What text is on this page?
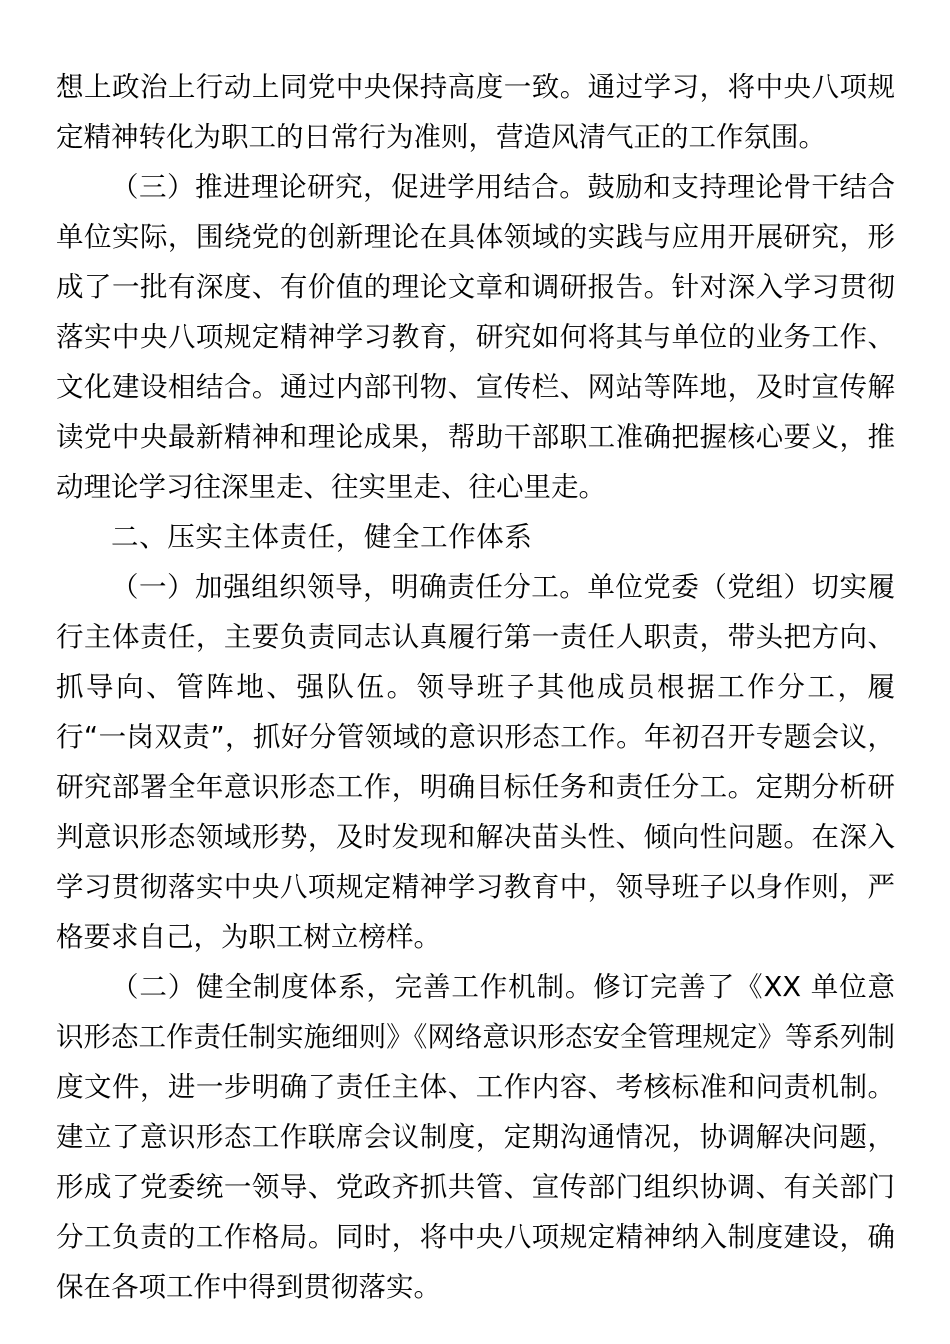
想上政治上行动上同党中央保持高度一致。通过学习，将中央八项规定精神转化为职工的日常行为准则，营造风清气正的工作氛围。

（三）推进理论研究，促进学用结合。鼓励和支持理论骨干结合单位实际，围绕党的创新理论在具体领域的实践与应用开展研究，形成了一批有深度、有价值的理论文章和调研报告。针对深入学习贯彻落实中央八项规定精神学习教育，研究如何将其与单位的业务工作、文化建设相结合。通过内部刊物、宣传栏、网站等阵地，及时宣传解读党中央最新精神和理论成果，帮助干部职工准确把握核心要义，推动理论学习往深里走、往实里走、往心里走。

二、压实主体责任，健全工作体系

（一）加强组织领导，明确责任分工。单位党委（党组）切实履行主体责任，主要负责同志认真履行第一责任人职责，带头把方向、抓导向、管阵地、强队伍。领导班子其他成员根据工作分工，履行“一岗双责”，抓好分管领域的意识形态工作。年初召开专题会议，研究部署全年意识形态工作，明确目标任务和责任分工。定期分析研判意识形态领域形势，及时发现和解决苗头性、倾向性问题。在深入学习贯彻落实中央八项规定精神学习教育中，领导班子以身作则，严格要求自己，为职工树立榜样。

（二）健全制度体系，完善工作机制。修订完善了《XX 单位意识形态工作责任制实施细则》《网络意识形态安全管理规定》等系列制度文件，进一步明确了责任主体、工作内容、考核标准和问责机制。建立了意识形态工作联席会议制度，定期沟通情况，协调解决问题，形成了党委统一领导、党政齐抓共管、宣传部门组织协调、有关部门分工负责的工作格局。同时，将中央八项规定精神纳入制度建设，确保在各项工作中得到贯彻落实。
